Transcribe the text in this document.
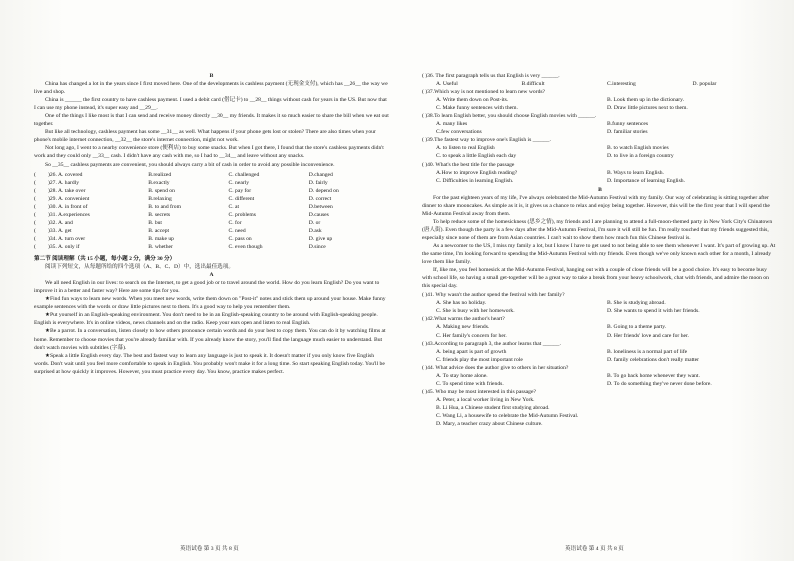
B

China has changed a lot in the years since I first moved here. One of the developments is cashless payment (无现金支付), which has __26__ the way we live and shop.

China is ______ the first country to have cashless payment. I used a debit card (借记卡) to __28__ things without cash for years in the US. But now that I can use my phone instead, it's super easy and __29__.

One of the things I like most is that I can send and receive money directly __30__ my friends. It makes it so much easier to share the bill when we eat out together.

But like all technology, cashless payment has some __31__ as well. What happens if your phone gets lost or stolen? There are also times when your phone's mobile internet connection, __32__ the store's internet connection, might not work.

Not long ago, I went to a nearby convenience store (便利店) to buy some snacks. But when I got there, I found that the store's cashless payments didn't work and they could only __33__ cash. I didn't have any cash with me, so I had to __34__ and leave without any snacks.

So __35__ cashless payments are convenient, you should always carry a bit of cash in order to avoid any possible inconvenience.

(	)26. A. covered	B.realized	C. challenged	D.changed
(	)27. A. hardly	B.exactly	C. nearly	D. fairly
(	)28. A. take over	B. spend on	C. pay for	D. depend on
(	)29. A. convenient	B.relaxing	C. different	D. correct
(	)30. A. in front of	B. to and from	C. at	D.between
(	)31. A.experiences	B. secrets	C. problems	D.causes
(	)32. A. and	B. but	C. for	D. or
(	)33. A. get	B. accept	C. need	D.ask
(	)34. A. turn over	B. make up	C. pass on	D. give up
(	)35. A. only if	B. whether	C. even though	D.since

第二节 阅读理解（共 15 小题，每小题 2 分，满分 30 分）

阅读下列短文，从每题所给的四个选项（A、B、C、D）中，选出最佳选项。

A

We all need English in our lives: to search on the Internet, to get a good job or to travel around the world. How do you learn English? Do you want to improve it in a better and faster way? Here are some tips for you.

★Find fun ways to learn new words. When you meet new words, write them down on "Post-it" notes and stick them up around your house. Make funny example sentences with the words or draw little pictures next to them. It's a good way to help you remember them.

★Put yourself in an English-speaking environment. You don't need to be in an English-speaking country to be around with English-speaking people. English is everywhere. It's in online videos, news channels and on the radio. Keep your ears open and listen to real English.

★Be a parrot. In a conversation, listen closely to how others pronounce certain words and do your best to copy them. You can do it by watching films at home. Remember to choose movies that you're already familiar with. If you already know the story, you'll find the language much easier to understand. But don't watch movies with subtitles (字幕).

★Speak a little English every day. The best and fastest way to learn any language is just to speak it. It doesn't matter if you only know five English words. Don't wait until you feel more comfortable to speak in English. You probably won't make it for a long time. So start speaking English today. You'll be surprised at how quickly it improves. However, you must practice every day. You know, practice makes perfect.

英语试卷 第 3 页 共 8 页

( )36. The first paragraph tells us that English is very ______.

A. Useful	B.difficult	C.interesting	D. popular

( )37.Which way is not mentioned to learn new words?

A. Write them down on Post-its.	B. Look them up in the dictionary.
C. Make funny sentences with them.	D. Draw little pictures next to them.

( )38.To learn English better, you should choose English movies with ______.

A. many likes	B.funny sentences
C.few conversations	D. familiar stories

( )39.The fastest way to improve one's English is ______.

A. to listen to real English	B. to watch English movies
C. to speak a little English each day	D. to live in a foreign country

( )40. What's the best title for the passage

A.How to improve English reading?	B. Ways to learn English.
C. Difficulties in learning English.	D. Importance of learning English.

B

For the past eighteen years of my life, I've always celebrated the Mid-Autumn Festival with my family. Our way of celebrating is sitting together after dinner to share mooncakes. As simple as it is, it gives us a chance to relax and enjoy being together. However, this will be the first year that I will spend the Mid-Autumn Festival away from them.

To help reduce some of the homesickness (思乡之情), my friends and I are planning to attend a full-moon-themed party in New York City's Chinatown (唐人街). Even though the party is a few days after the Mid-Autumn Festival, I'm sure it will still be fun. I'm really touched that my friends suggested this, especially since none of them are from Asian countries. I can't wait to show them how much fun this Chinese festival is.

As a newcomer to the US, I miss my family a lot, but I know I have to get used to not being able to see them whenever I want. It's part of growing up. At the same time, I'm looking forward to spending the Mid-Autumn Festival with my friends. Even though we've only known each other for a month, I already love them like family.

If, like me, you feel homesick at the Mid-Autumn Festival, hanging out with a couple of close friends will be a good choice. It's easy to become busy with school life, so having a small get-together will be a great way to take a break from your heavy schoolwork, chat with friends, and admire the moon on this special day.

( )41. Why wasn't the author spend the festival with her family?

A. She has no holiday.	B. She is studying abroad.
C. She is busy with her homework.	D. She wants to spend it with her friends.

( )42.What warms the author's heart?

A. Making new friends.	B. Going to a theme party.
C. Her family's concern for her.	D. Her friends' love and care for her.

( )43.According to paragraph 3, the author learns that ______.

A. being apart is part of growth	B. loneliness is a normal part of life
C. friends play the most important role	D. family celebrations don't really matter

( )44. What advice does the author give to others in her situation?

A. To stay home alone.	B. To go back home whenever they want.
C. To spend time with friends.	D. To do something they've never done before.

( )45. Who may be most interested in this passage?

A. Peter, a local worker living in New York.
B. Li Hua, a Chinese student first studying abroad.
C. Wang Li, a housewife to celebrate the Mid-Autumn Festival.
D. Mary, a teacher crazy about Chinese culture.
英语试卷 第 4 页 共 8 页
